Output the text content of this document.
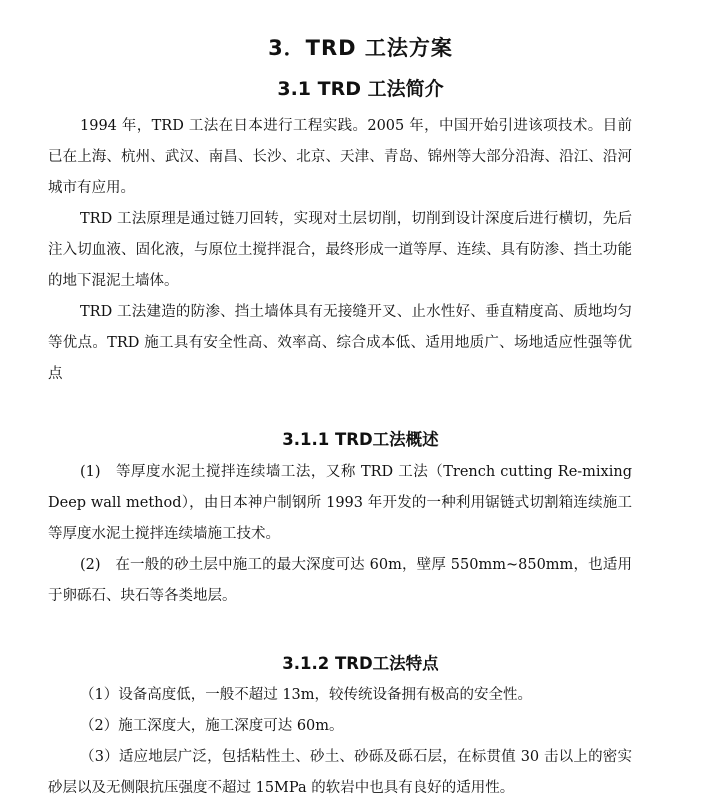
3．TRD 工法方案
3.1 TRD 工法简介

1994 年，TRD 工法在日本进行工程实践。2005 年，中国开始引进该项技术。目前已在上海、杭州、武汉、南昌、长沙、北京、天津、青岛、锦州等大部分沿海、沿江、沿河城市有应用。

TRD 工法原理是通过链刀回转，实现对土层切削，切削到设计深度后进行横切，先后注入切血液、固化液，与原位土搅拌混合，最终形成一道等厚、连续、具有防渗、挡土功能的地下混泥土墙体。

TRD 工法建造的防渗、挡土墙体具有无接缝开叉、止水性好、垂直精度高、质地均匀等优点。TRD 施工具有安全性高、效率高、综合成本低、适用地质广、场地适应性强等优点

3.1.1 TRD工法概述

(1)　等厚度水泥土搅拌连续墙工法，又称 TRD 工法（Trench cutting Re-mixing Deep wall method），由日本神户制钢所 1993 年开发的一种利用锯链式切割箱连续施工等厚度水泥土搅拌连续墙施工技术。

(2)　在一般的砂土层中施工的最大深度可达 60m，壁厚 550mm~850mm，也适用于卵砾石、块石等各类地层。

3.1.2 TRD工法特点

（1）设备高度低，一般不超过 13m，较传统设备拥有极高的安全性。

（2）施工深度大，施工深度可达 60m。

（3）适应地层广泛，包括粘性土、砂土、砂砾及砾石层，在标贯值 30 击以上的密实砂层以及无侧限抗压强度不超过 15MPa 的软岩中也具有良好的适用性。
